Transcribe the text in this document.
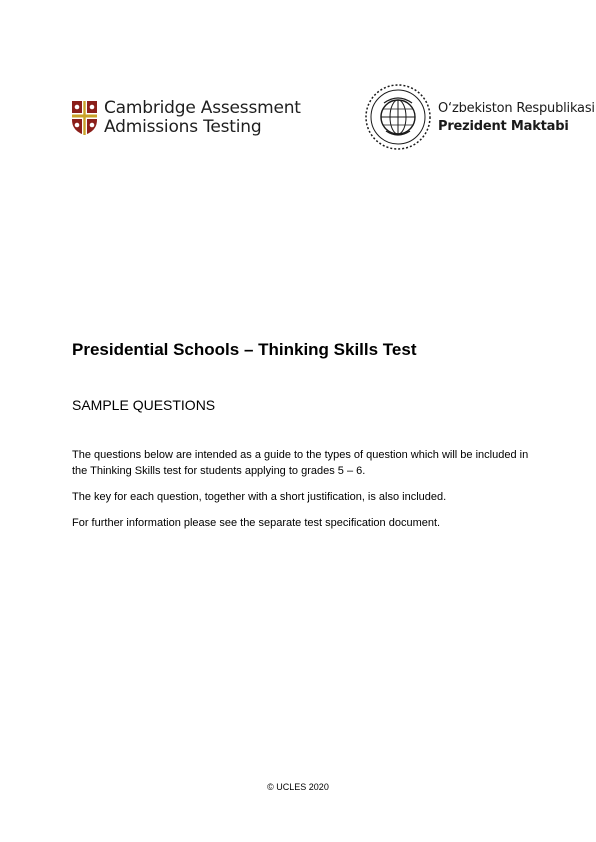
Cambridge Assessment
Admissions Testing
O‘zbekiston Respublikasi
Prezident Maktabi
Presidential Schools – Thinking Skills Test
SAMPLE QUESTIONS

The questions below are intended as a guide to the types of question which will be included in the Thinking Skills test for students applying to grades 5 – 6.

The key for each question, together with a short justification, is also included.

For further information please see the separate test specification document.

© UCLES 2020
